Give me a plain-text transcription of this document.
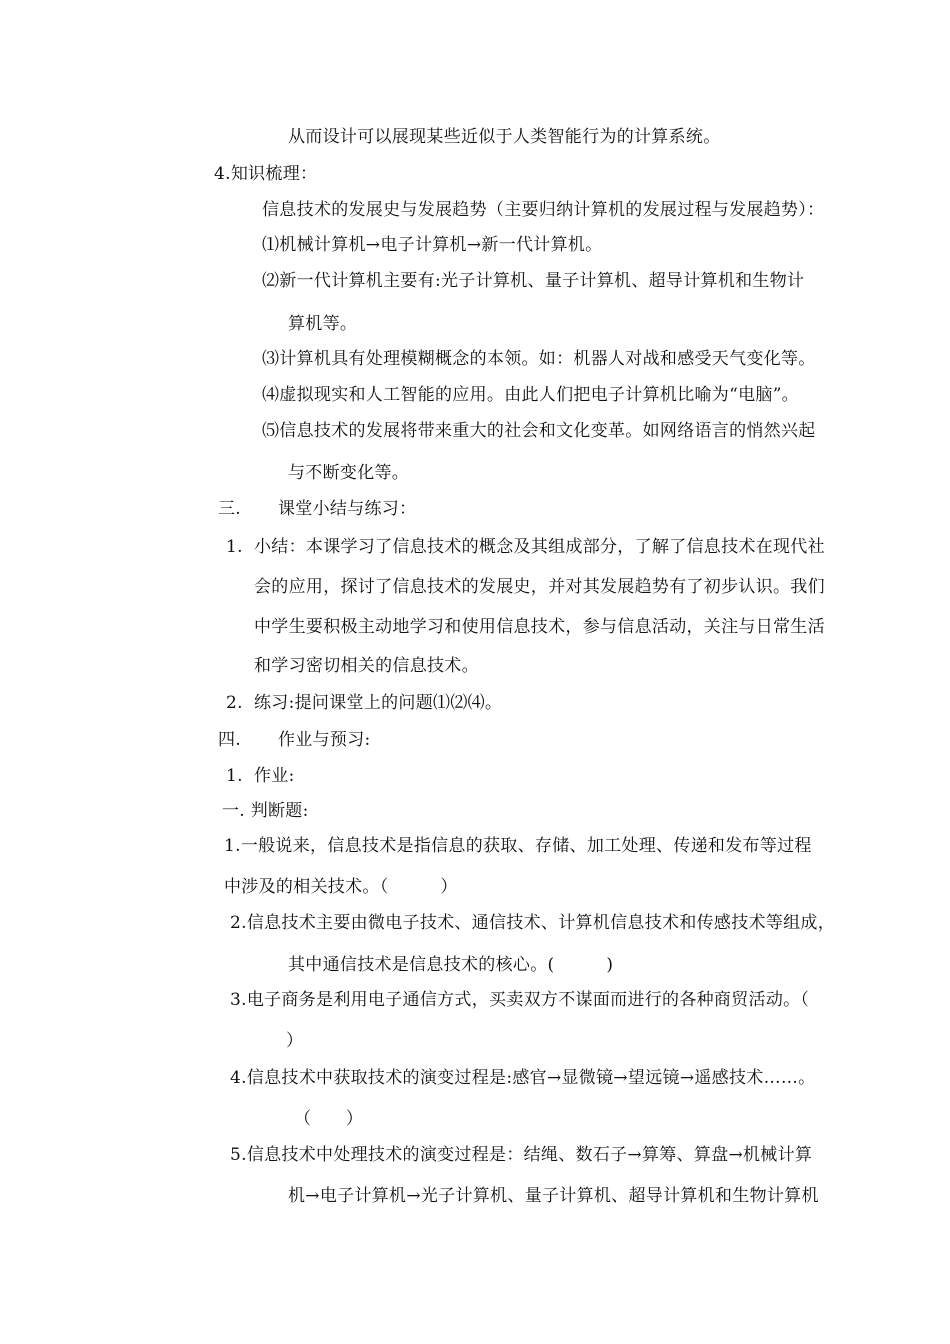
从而设计可以展现某些近似于人类智能行为的计算系统。
4.知识梳理：
信息技术的发展史与发展趋势（主要归纳计算机的发展过程与发展趋势）：
⑴机械计算机→电子计算机→新一代计算机。
⑵新一代计算机主要有:光子计算机、量子计算机、超导计算机和生物计
算机等。
⑶计算机具有处理模糊概念的本领。如：机器人对战和感受天气变化等。
⑷虚拟现实和人工智能的应用。由此人们把电子计算机比喻为“电脑”。
⑸信息技术的发展将带来重大的社会和文化变革。如网络语言的悄然兴起
与不断变化等。
三. 课堂小结与练习：
1. 小结：本课学习了信息技术的概念及其组成部分，了解了信息技术在现代社
会的应用，探讨了信息技术的发展史，并对其发展趋势有了初步认识。我们
中学生要积极主动地学习和使用信息技术，参与信息活动，关注与日常生活
和学习密切相关的信息技术。
2. 练习:提问课堂上的问题⑴⑵⑷。
四. 作业与预习:
1. 作业:
一. 判断题:
1.一般说来，信息技术是指信息的获取、存储、加工处理、传递和发布等过程
中涉及的相关技术。（　　　）
2.信息技术主要由微电子技术、通信技术、计算机信息技术和传感技术等组成，
其中通信技术是信息技术的核心。(　　　)
3.电子商务是利用电子通信方式，买卖双方不谋面而进行的各种商贸活动。（
）
4.信息技术中获取技术的演变过程是:感官→显微镜→望远镜→遥感技术……。
（　　）
5.信息技术中处理技术的演变过程是：结绳、数石子→算筹、算盘→机械计算
机→电子计算机→光子计算机、量子计算机、超导计算机和生物计算机
